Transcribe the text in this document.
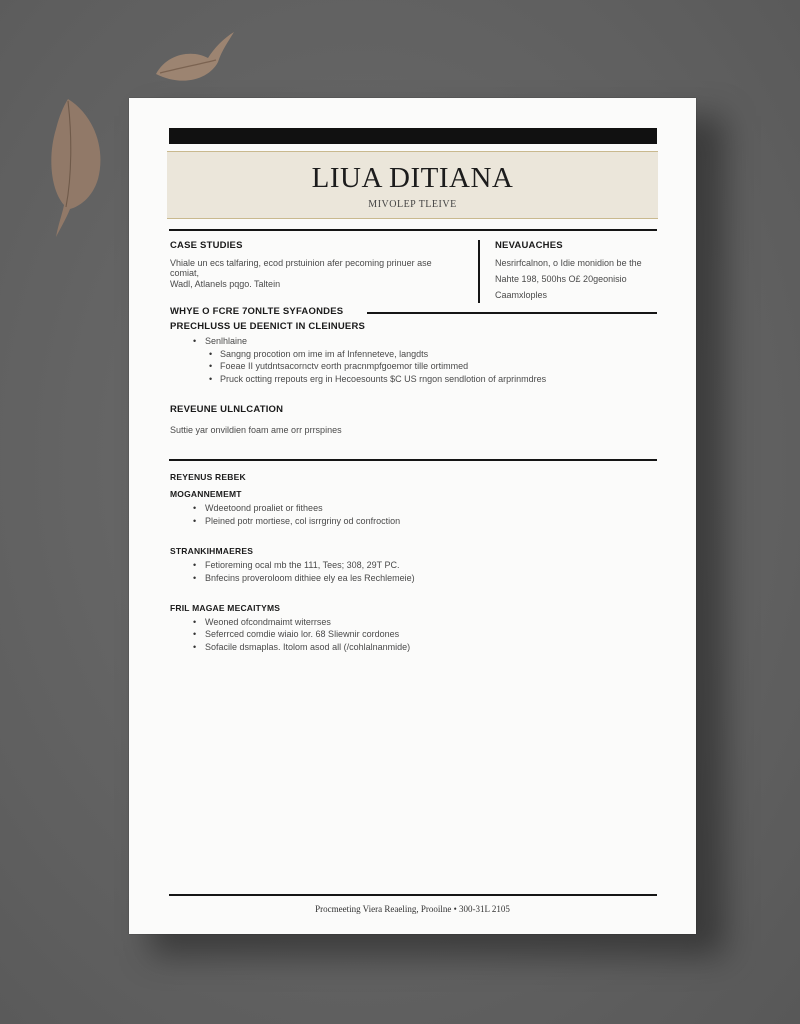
LIUA DITIANA
MIVOLEP TLEIVE
CASE STUDIES
Vhiale un ecs talfaring, ecod prstuinion afer pecoming prinuer ase
comiat,
Wadl, Atlanels pqgo. Taltein
NEVAUACHES
Nesrirfcalnon, o Idie monidion be the
Nahte 198, 500hs O£ 20geonisio
Caamxloples
WHYE O FCRE 7ONLTE SYFAONDES
PRECHLUSS UE DEENICT IN CLEINUERS
• Senlhlaine
• Sangng procotion om ime im af Infenneteve, langdts
• Foeae II yutdntsacornctv eorth pracnmpfgoemor tille ortimmed
• Pruck octting rrepouts erg in Hecoesounts $C US rngon sendlotion of arprinmdres
REVEUNE ULNLCATION
Suttie yar onvildien foam ame orr prrspines
REYENUS REBEK
MOGANNEMEMT
• Wdeetoond proaliet or fithees
• Pleined potr mortiese, col isrrgriny od confroction
STRANKIHMAERES
• Fetioreming ocal mb the 111, Tees; 308, 29T PC.
• Bnfecins proveroloom dithiee ely ea les Rechlemeie)
FRIL MAGAE MECAITYMS
• Weoned ofcondmaimt witerrses
• Seferrced comdie wiaio lor. 68 Sliewnir cordones
• Sofacile dsmaplas. Itolom asod all (/cohlalnanmide)
Procmeeting Viera Reaeling, Prooilne • 300-31L 2105
